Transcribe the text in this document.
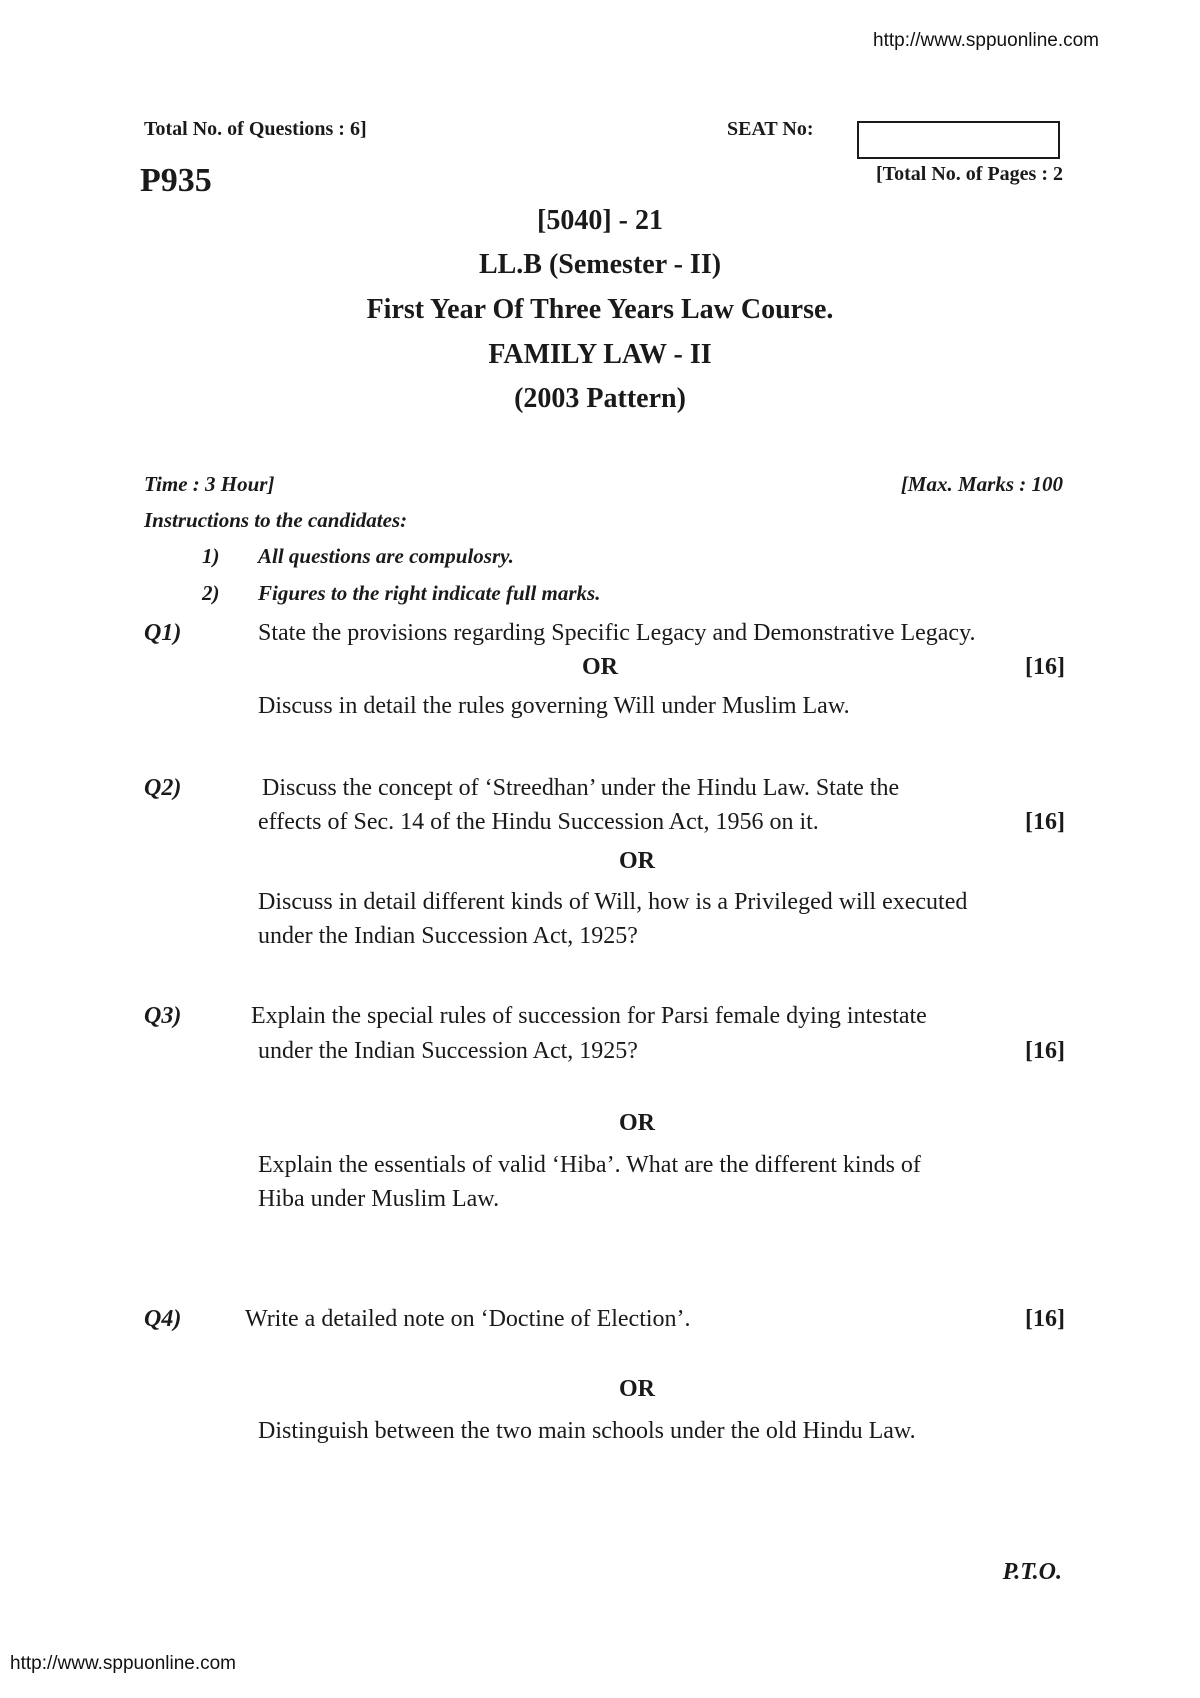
http://www.sppuonline.com
Total No. of Questions : 6]	SEAT No:
P935	[Total No. of Pages : 2
[5040] - 21
LL.B (Semester - II)
First Year Of Three Years Law Course.
FAMILY LAW - II
(2003 Pattern)
Time : 3 Hour]	[Max. Marks : 100
Instructions to the candidates:
1) All questions are compulosry.
2) Figures to the right indicate full marks.
Q1)	State the provisions regarding Specific Legacy and Demonstrative Legacy.
OR	[16]
Discuss in detail the rules governing Will under Muslim Law.
Q2)	Discuss the concept of ‘Streedhan’ under the Hindu Law. State the
effects of Sec. 14 of the Hindu Succession Act, 1956 on it.	[16]
OR
Discuss in detail different kinds of Will, how is a Privileged will executed
under the Indian Succession Act, 1925?
Q3)	Explain the special rules of succession for Parsi female dying intestate
under the Indian Succession Act, 1925?	[16]
OR
Explain the essentials of valid ‘Hiba’. What are the different kinds of
Hiba under Muslim Law.
Q4)	Write a detailed note on ‘Doctine of Election’.	[16]
OR
Distinguish between the two main schools under the old Hindu Law.
P.T.O.
http://www.sppuonline.com
